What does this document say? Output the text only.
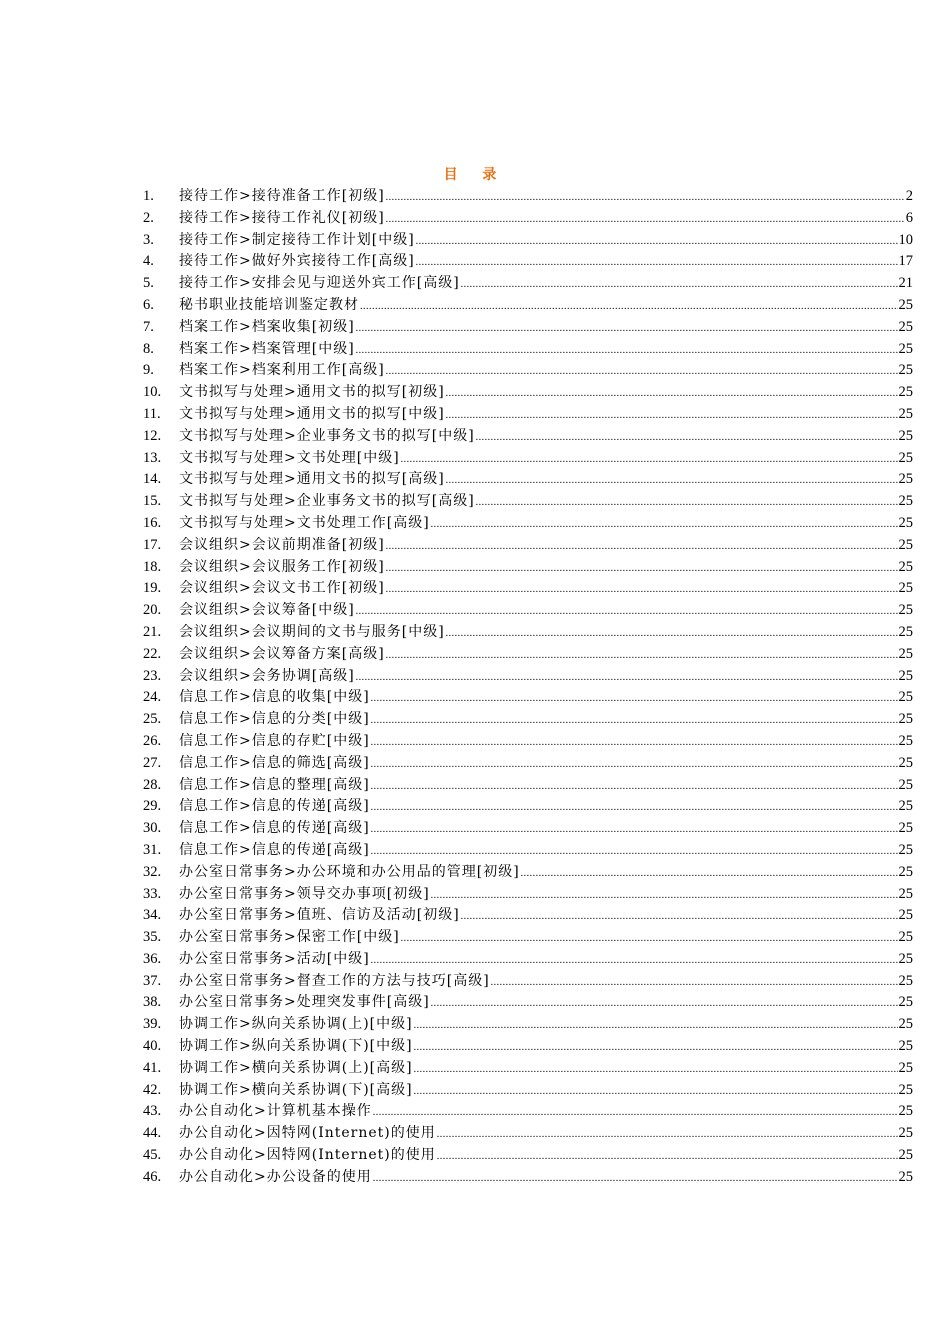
目 录
1.	接待工作>接待准备工作[初级] .....	2
2.	接待工作>接待工作礼仪[初级] .....	6
3.	接待工作>制定接待工作计划[中级] .....	10
4.	接待工作>做好外宾接待工作[高级] .....	17
5.	接待工作>安排会见与迎送外宾工作[高级] .....	21
6.	秘书职业技能培训鉴定教材 .....	25
7.	档案工作>档案收集[初级] .....	25
8.	档案工作>档案管理[中级] .....	25
9.	档案工作>档案利用工作[高级] .....	25
10.	文书拟写与处理>通用文书的拟写[初级] .....	25
11.	文书拟写与处理>通用文书的拟写[中级] .....	25
12.	文书拟写与处理>企业事务文书的拟写[中级] .....	25
13.	文书拟写与处理>文书处理[中级] .....	25
14.	文书拟写与处理>通用文书的拟写[高级] .....	25
15.	文书拟写与处理>企业事务文书的拟写[高级] .....	25
16.	文书拟写与处理>文书处理工作[高级] .....	25
17.	会议组织>会议前期准备[初级] .....	25
18.	会议组织>会议服务工作[初级] .....	25
19.	会议组织>会议文书工作[初级] .....	25
20.	会议组织>会议筹备[中级] .....	25
21.	会议组织>会议期间的文书与服务[中级] .....	25
22.	会议组织>会议筹备方案[高级] .....	25
23.	会议组织>会务协调[高级] .....	25
24.	信息工作>信息的收集[中级] .....	25
25.	信息工作>信息的分类[中级] .....	25
26.	信息工作>信息的存贮[中级] .....	25
27.	信息工作>信息的筛选[高级] .....	25
28.	信息工作>信息的整理[高级] .....	25
29.	信息工作>信息的传递[高级] .....	25
30.	信息工作>信息的传递[高级] .....	25
31.	信息工作>信息的传递[高级] .....	25
32.	办公室日常事务>办公环境和办公用品的管理[初级] .....	25
33.	办公室日常事务>领导交办事项[初级] .....	25
34.	办公室日常事务>值班、信访及活动[初级] .....	25
35.	办公室日常事务>保密工作[中级] .....	25
36.	办公室日常事务>活动[中级] .....	25
37.	办公室日常事务>督查工作的方法与技巧[高级] .....	25
38.	办公室日常事务>处理突发事件[高级] .....	25
39.	协调工作>纵向关系协调(上)[中级] .....	25
40.	协调工作>纵向关系协调(下)[中级] .....	25
41.	协调工作>横向关系协调(上)[高级] .....	25
42.	协调工作>横向关系协调(下)[高级] .....	25
43.	办公自动化>计算机基本操作 .....	25
44.	办公自动化>因特网(Internet)的使用 .....	25
45.	办公自动化>因特网(Internet)的使用 .....	25
46.	办公自动化>办公设备的使用 .....	25
